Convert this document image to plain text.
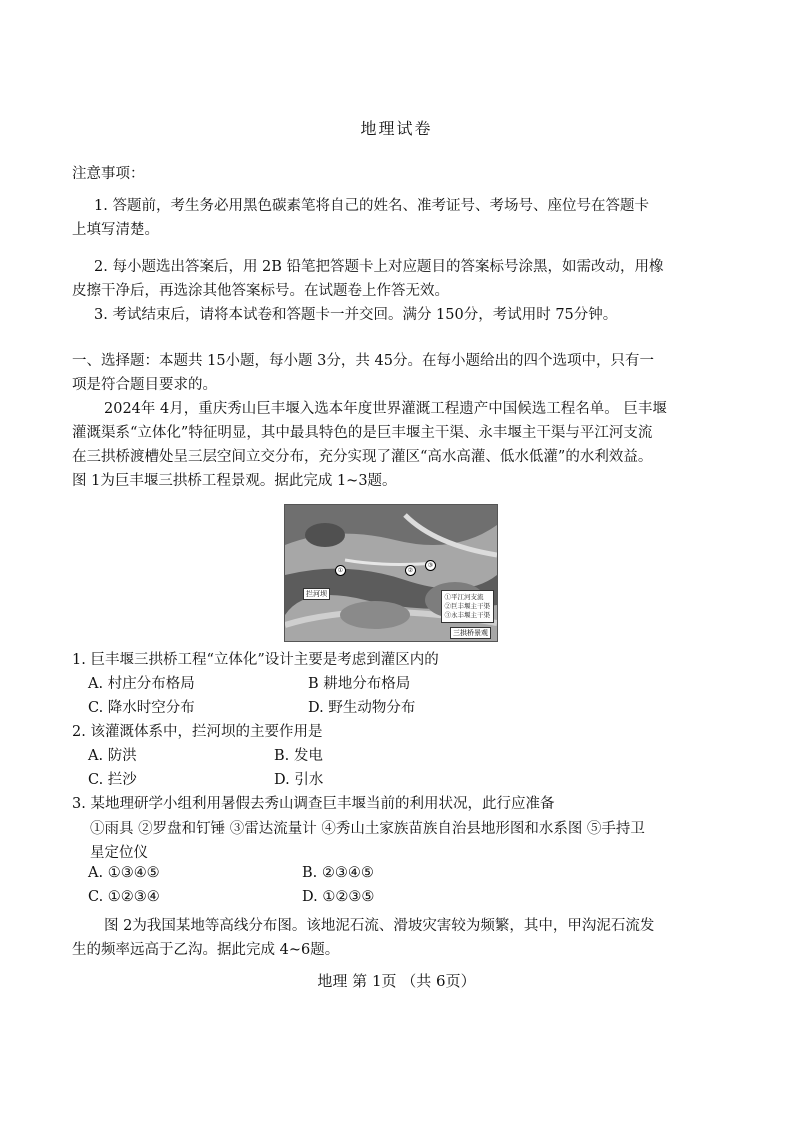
地理试卷
注意事项：
1. 答题前，考生务必用黑色碳素笔将自己的姓名、准考证号、考场号、座位号在答题卡
上填写清楚。
2. 每小题选出答案后，用 2B 铅笔把答题卡上对应题目的答案标号涂黑，如需改动，用橡
皮擦干净后，再选涂其他答案标号。在试题卷上作答无效。
3. 考试结束后，请将本试卷和答题卡一并交回。满分 150分，考试用时 75分钟。
一、选择题：本题共 15小题，每小题 3分，共 45分。在每小题给出的四个选项中，只有一
项是符合题目要求的。
2024年 4月，重庆秀山巨丰堰入选本年度世界灌溉工程遗产中国候选工程名单。 巨丰堰
灌溉渠系“立体化”特征明显，其中最具特色的是巨丰堰主干渠、永丰堰主干渠与平江河支流
在三拱桥渡槽处呈三层空间立交分布，充分实现了灌区“高水高灌、低水低灌”的水利效益。
图 1为巨丰堰三拱桥工程景观。据此完成 1~3题。
拦河坝
①	②
③
三拱桥景观
①平江河支流
②巨丰堰主干渠
③永丰堰主干渠
1. 巨丰堰三拱桥工程“立体化”设计主要是考虑到灌区内的
A. 村庄分布格局	B 耕地分布格局
C. 降水时空分布	D. 野生动物分布
2. 该灌溉体系中，拦河坝的主要作用是
A. 防洪	B. 发电
C. 拦沙	D. 引水
3. 某地理研学小组利用暑假去秀山调查巨丰堰当前的利用状况，此行应准备
①雨具 ②罗盘和钉锤 ③雷达流量计 ④秀山土家族苗族自治县地形图和水系图 ⑤手持卫
星定位仪
A. ①③④⑤	B. ②③④⑤
C. ①②③④	D. ①②③⑤
图 2为我国某地等高线分布图。该地泥石流、滑坡灾害较为频繁，其中，甲沟泥石流发
生的频率远高于乙沟。据此完成 4~6题。
地理 第 1页 （共 6页）
